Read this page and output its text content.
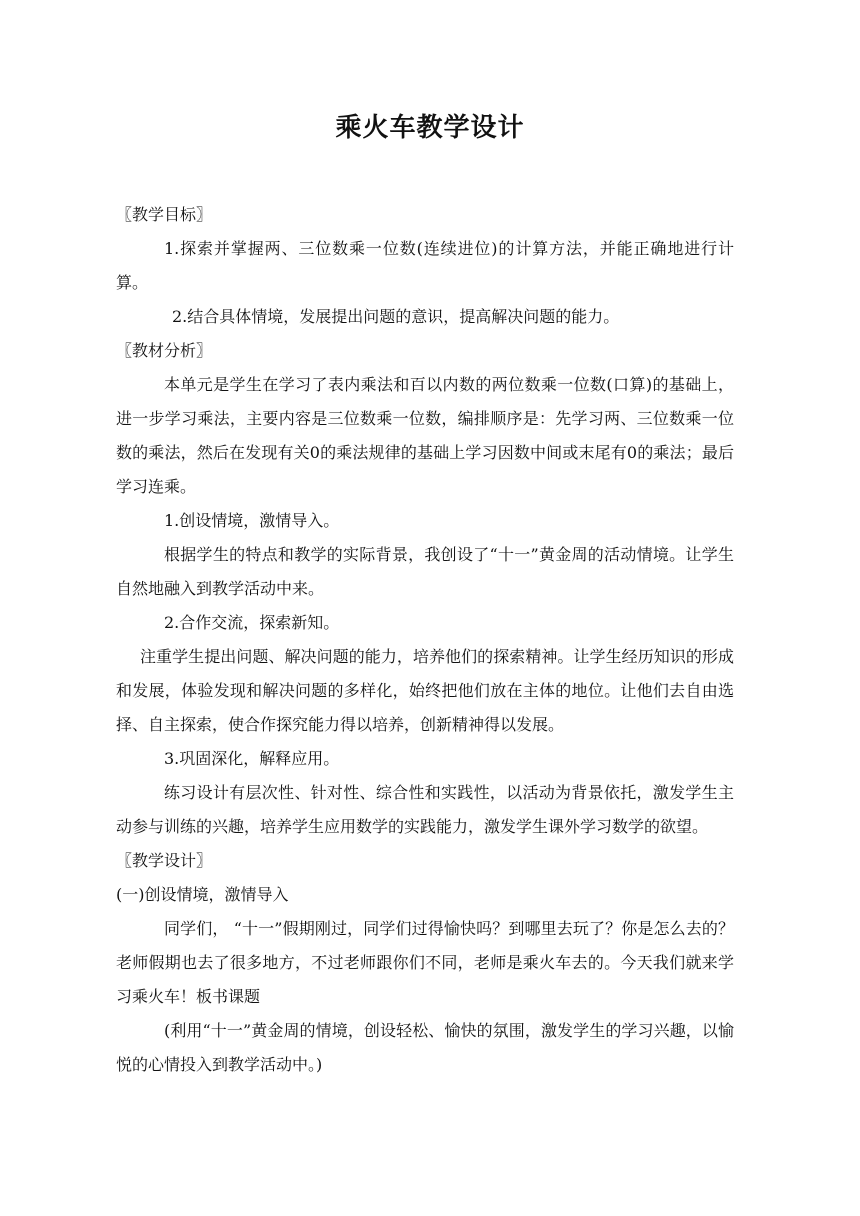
乘火车教学设计

〖教学目标〗

1.探索并掌握两、三位数乘一位数(连续进位)的计算方法，并能正确地进行计算。

2.结合具体情境，发展提出问题的意识，提高解决问题的能力。

〖教材分析〗

本单元是学生在学习了表内乘法和百以内数的两位数乘一位数(口算)的基础上，进一步学习乘法，主要内容是三位数乘一位数，编排顺序是：先学习两、三位数乘一位数的乘法，然后在发现有关0的乘法规律的基础上学习因数中间或末尾有0的乘法；最后学习连乘。

1.创设情境，激情导入。

根据学生的特点和教学的实际背景，我创设了“十一”黄金周的活动情境。让学生自然地融入到教学活动中来。

2.合作交流，探索新知。

注重学生提出问题、解决问题的能力，培养他们的探索精神。让学生经历知识的形成和发展，体验发现和解决问题的多样化，始终把他们放在主体的地位。让他们去自由选择、自主探索，使合作探究能力得以培养，创新精神得以发展。

3.巩固深化，解释应用。

练习设计有层次性、针对性、综合性和实践性，以活动为背景依托，激发学生主动参与训练的兴趣，培养学生应用数学的实践能力，激发学生课外学习数学的欲望。

〖教学设计〗

(一)创设情境，激情导入

同学们， “十一”假期刚过，同学们过得愉快吗？到哪里去玩了？你是怎么去的？老师假期也去了很多地方，不过老师跟你们不同，老师是乘火车去的。今天我们就来学习乘火车！板书课题

(利用“十一”黄金周的情境，创设轻松、愉快的氛围，激发学生的学习兴趣，以愉悦的心情投入到教学活动中。)
